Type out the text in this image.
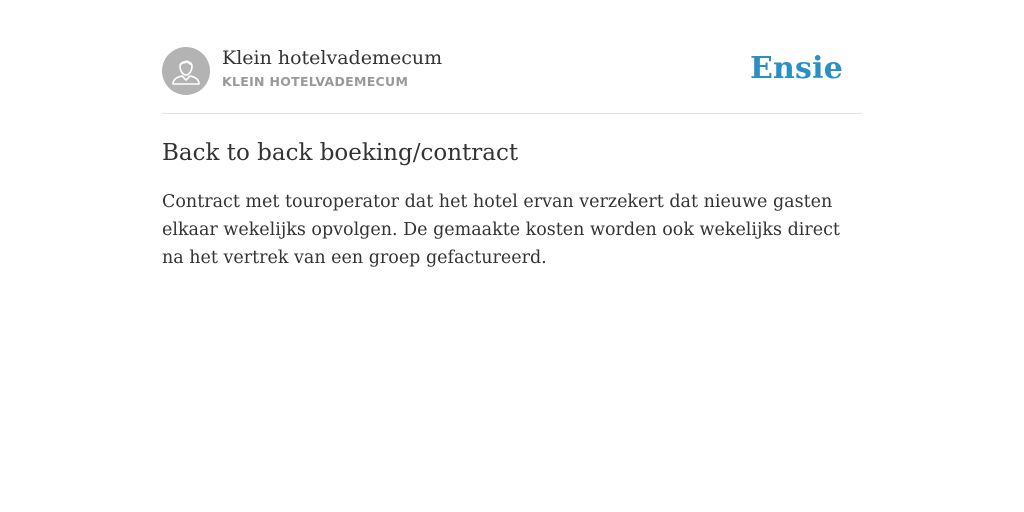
Klein hotelvademecum
KLEIN HOTELVADEMECUM	Ensie
Back to back boeking/contract

Contract met touroperator dat het hotel ervan verzekert dat nieuwe gasten elkaar wekelijks opvolgen. De gemaakte kosten worden ook wekelijks direct na het vertrek van een groep gefactureerd.
